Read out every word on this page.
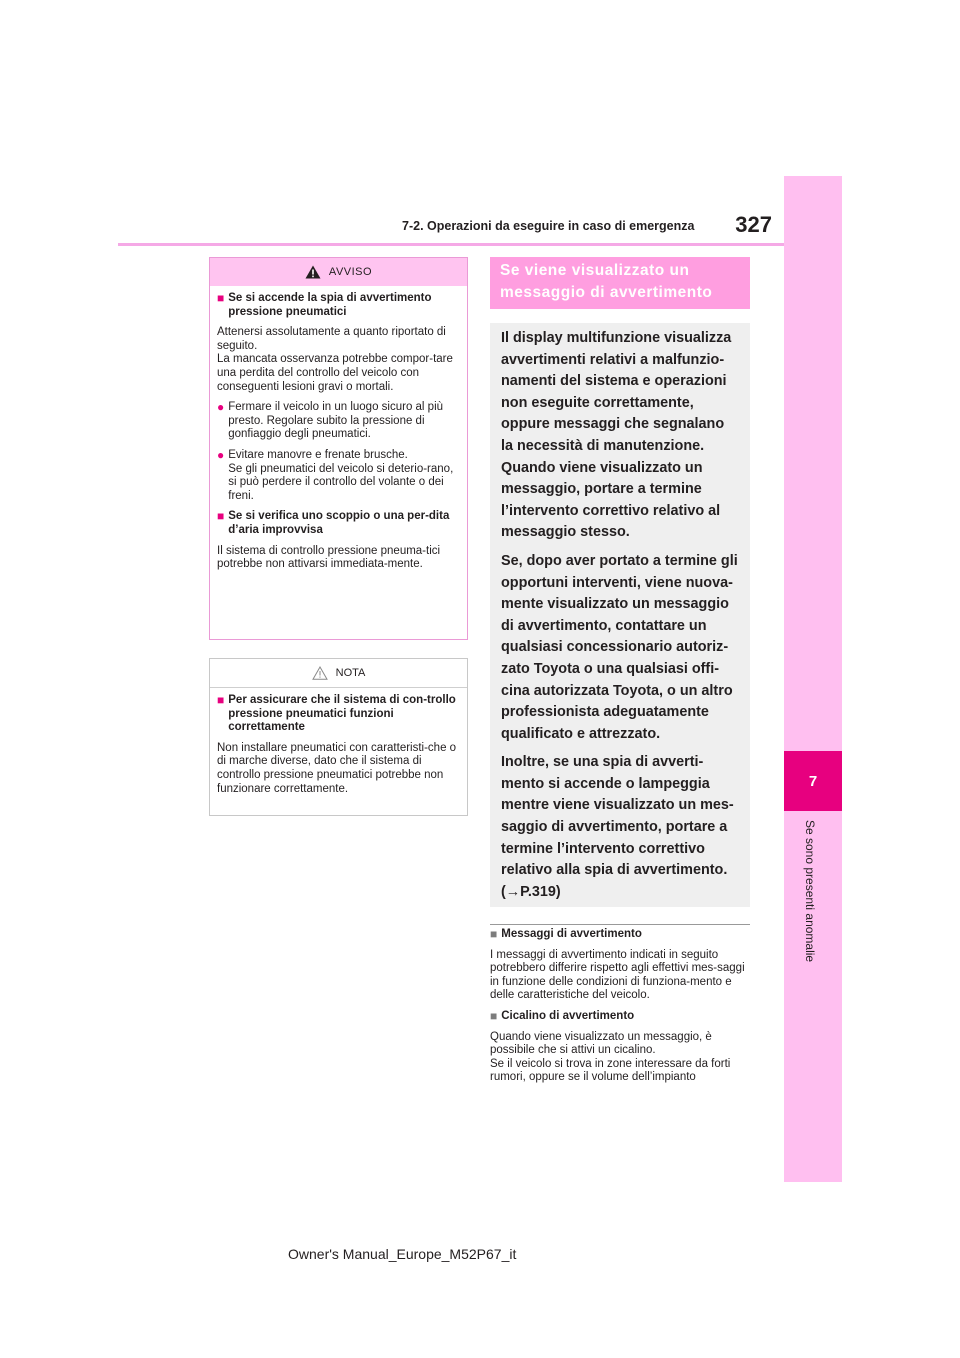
7-2. Operazioni da eseguire in caso di emergenza	327
7
Se sono presenti anomalie
AVVISO

■ Se si accende la spia di avvertimento pressione pneumatici

Attenersi assolutamente a quanto riportato di seguito.
La mancata osservanza potrebbe compor-tare una perdita del controllo del veicolo con conseguenti lesioni gravi o mortali.

● Fermare il veicolo in un luogo sicuro al più presto. Regolare subito la pressione di gonfiaggio degli pneumatici.
● Evitare manovre e frenate brusche.
Se gli pneumatici del veicolo si deterio-rano, si può perdere il controllo del volante o dei freni.

■ Se si verifica uno scoppio o una per-dita d’aria improvvisa

Il sistema di controllo pressione pneuma-tici potrebbe non attivarsi immediata-mente.

NOTA

■ Per assicurare che il sistema di con-trollo pressione pneumatici funzioni correttamente

Non installare pneumatici con caratteristi-che o di marche diverse, dato che il sistema di controllo pressione pneumatici potrebbe non funzionare correttamente.

Se viene visualizzato un
messaggio di avvertimento

Il display multifunzione visualizza
avvertimenti relativi a malfunzio-
namenti del sistema e operazioni
non eseguite correttamente,
oppure messaggi che segnalano
la necessità di manutenzione.
Quando viene visualizzato un
messaggio, portare a termine
l’intervento correttivo relativo al
messaggio stesso.

Se, dopo aver portato a termine gli
opportuni interventi, viene nuova-
mente visualizzato un messaggio
di avvertimento, contattare un
qualsiasi concessionario autoriz-
zato Toyota o una qualsiasi offi-
cina autorizzata Toyota, o un altro
professionista adeguatamente
qualificato e attrezzato.

Inoltre, se una spia di avverti-
mento si accende o lampeggia
mentre viene visualizzato un mes-
saggio di avvertimento, portare a
termine l’intervento correttivo
relativo alla spia di avvertimento.
(→P.319)

■ Messaggi di avvertimento

I messaggi di avvertimento indicati in seguito potrebbero differire rispetto agli effettivi mes-saggi in funzione delle condizioni di funziona-mento e delle caratteristiche del veicolo.

■ Cicalino di avvertimento

Quando viene visualizzato un messaggio, è possibile che si attivi un cicalino.
Se il veicolo si trova in zone interessare da forti rumori, oppure se il volume dell’impianto

Owner's Manual_Europe_M52P67_it
